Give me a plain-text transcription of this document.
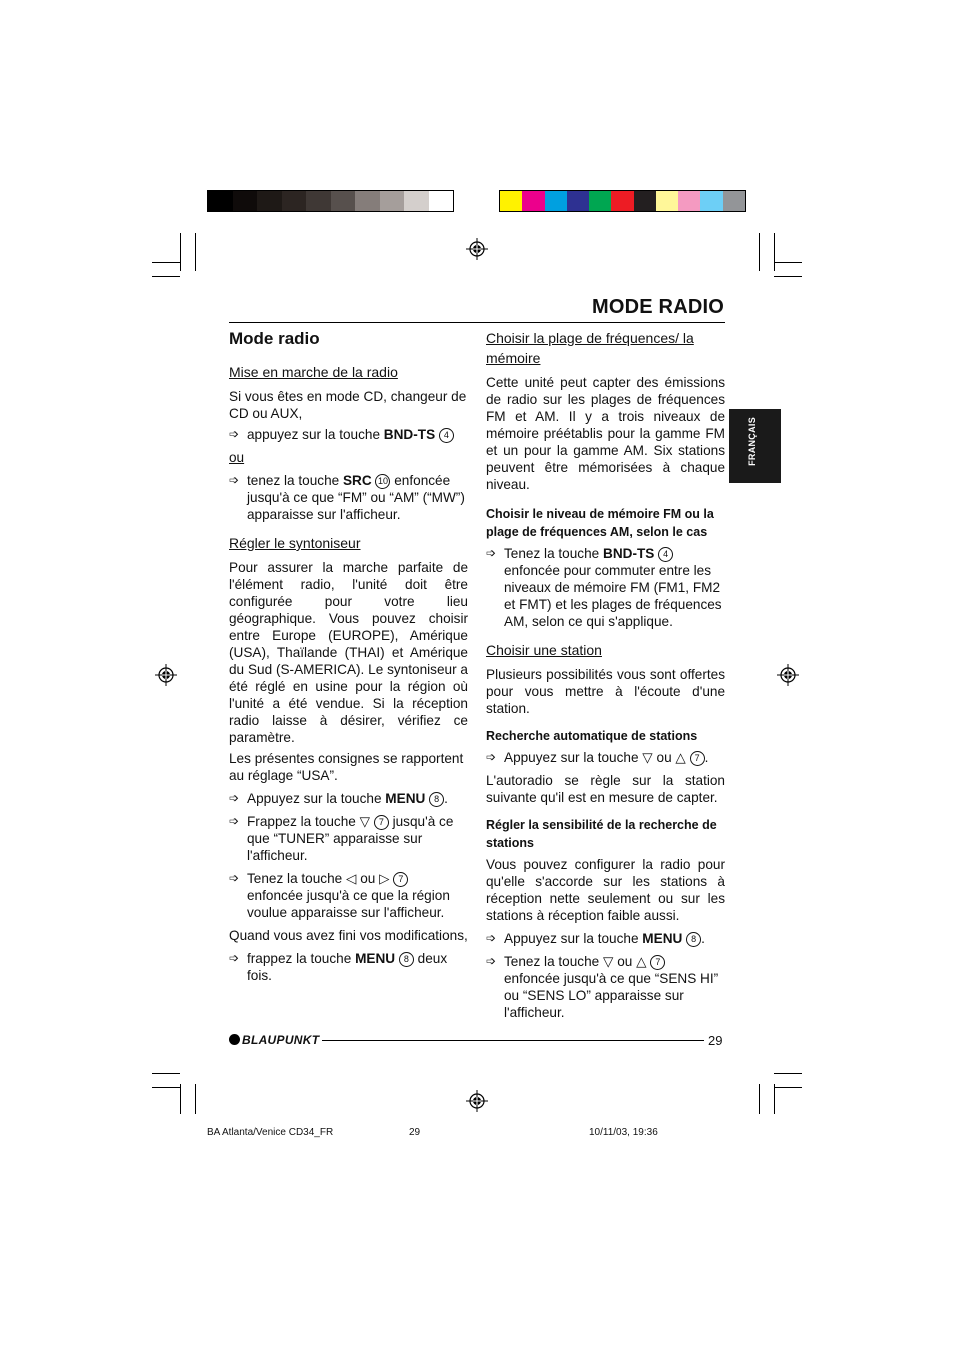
MODE RADIO
FRANÇAIS
Mode radio
Mise en marche de la radio

Si vous êtes en mode CD, changeur de CD ou AUX,

➩ appuyez sur la touche BND-TS 4

ou

➩ tenez la touche SRC 10 enfoncée jusqu'à ce que “FM” ou “AM” (“MW”) apparaisse sur l'afficheur.
Régler le syntoniseur

Pour assurer la marche parfaite de l'élément radio, l'unité doit être configurée pour votre lieu géographique. Vous pouvez choisir entre Europe (EUROPE), Amérique (USA), Thaïlande (THAI) et Amérique du Sud (S-AMERICA). Le syntoniseur a été réglé en usine pour la région où l'unité a été vendue. Si la réception radio laisse à désirer, vérifiez ce paramètre.

Les présentes consignes se rapportent au réglage “USA”.

➩ Appuyez sur la touche MENU 8 .
➩ Frappez la touche ▽ 7 jusqu'à ce que “TUNER” apparaisse sur l'afficheur.
➩ Tenez la touche ◁ ou ▷ 7 enfoncée jusqu'à ce que la région voulue apparaisse sur l'afficheur.

Quand vous avez fini vos modifications,

➩ frappez la touche MENU 8 deux fois.
Choisir la plage de fréquences/ la mémoire

Cette unité peut capter des émissions de radio sur les plages de fréquences FM et AM. Il y a trois niveaux de mémoire préétablis pour la gamme FM et un pour la gamme AM. Six stations peuvent être mémorisées à chaque niveau.

Choisir le niveau de mémoire FM ou la plage de fréquences AM, selon le cas
➩ Tenez la touche BND-TS 4 enfoncée pour commuter entre les niveaux de mémoire FM (FM1, FM2 et FMT) et les plages de fréquences AM, selon ce qui s'applique.
Choisir une station

Plusieurs possibilités vous sont offertes pour vous mettre à l'écoute d'une station.

Recherche automatique de stations
➩ Appuyez sur la touche ▽ ou △ 7 .

L'autoradio se règle sur la station suivante qu'il est en mesure de capter.

Régler la sensibilité de la recherche de stations

Vous pouvez configurer la radio pour qu'elle s'accorde sur les stations à réception nette seulement ou sur les stations à réception faible aussi.

➩ Appuyez sur la touche MENU 8 .
➩ Tenez la touche ▽ ou △ 7 enfoncée jusqu'à ce que “SENS HI” ou “SENS LO” apparaisse sur l'afficheur.
BLAUPUNKT	29
BA Atlanta/Venice CD34_FR	29	10/11/03, 19:36
